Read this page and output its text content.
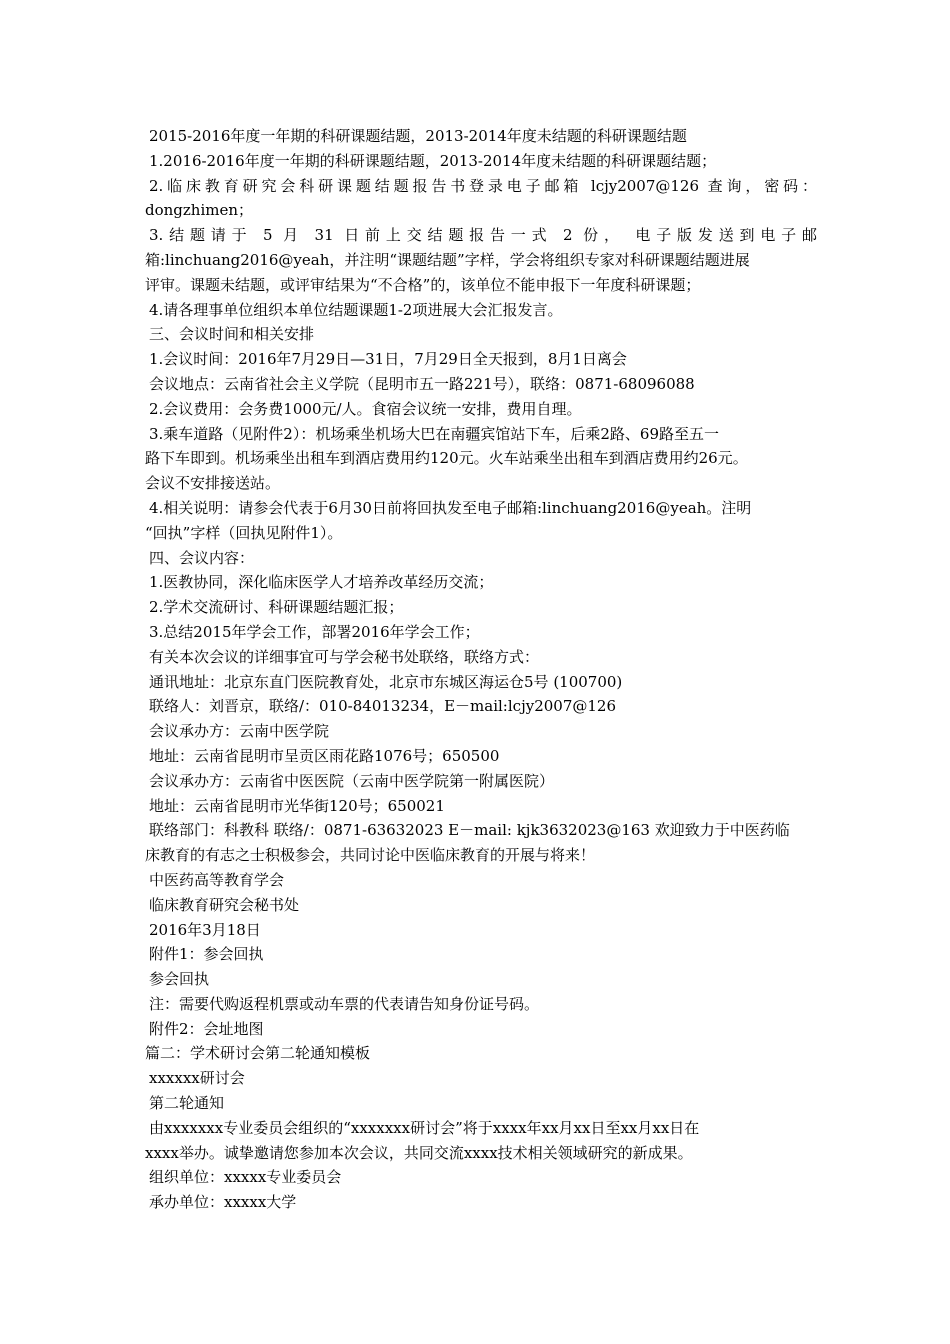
2015-2016年度一年期的科研课题结题，2013-2014年度未结题的科研课题结题
1.2016-2016年度一年期的科研课题结题，2013-2014年度未结题的科研课题结题；
2.临床教育研究会科研课题结题报告书登录电子邮箱 lcjy2007@126 查询，密码：
dongzhimen；
3.结题请于 5 月 31 日前上交结题报告一式 2 份， 电子版发送到电子邮
箱:linchuang2016@yeah，并注明“课题结题”字样，学会将组织专家对科研课题结题进展
评审。课题未结题，或评审结果为“不合格”的，该单位不能申报下一年度科研课题；
4.请各理事单位组织本单位结题课题1-2项进展大会汇报发言。
三、会议时间和相关安排
1.会议时间：2016年7月29日—31日，7月29日全天报到，8月1日离会
会议地点：云南省社会主义学院（昆明市五一路221号），联络：0871-68096088
2.会议费用：会务费1000元/人。食宿会议统一安排，费用自理。
3.乘车道路（见附件2）：机场乘坐机场大巴在南疆宾馆站下车，后乘2路、69路至五一
路下车即到。机场乘坐出租车到酒店费用约120元。火车站乘坐出租车到酒店费用约26元。
会议不安排接送站。
4.相关说明：请参会代表于6月30日前将回执发至电子邮箱:linchuang2016@yeah。注明
“回执”字样（回执见附件1）。
四、会议内容：
1.医教协同，深化临床医学人才培养改革经历交流；
2.学术交流研讨、科研课题结题汇报；
3.总结2015年学会工作，部署2016年学会工作；
有关本次会议的详细事宜可与学会秘书处联络，联络方式：
通讯地址：北京东直门医院教育处，北京市东城区海运仓5号 (100700)
联络人：刘晋京，联络/：010-84013234，E－mail:lcjy2007@126
会议承办方：云南中医学院
地址：云南省昆明市呈贡区雨花路1076号；650500
会议承办方：云南省中医医院（云南中医学院第一附属医院）
地址：云南省昆明市光华街120号；650021
联络部门：科教科 联络/：0871-63632023 E－mail: kjk3632023@163 欢迎致力于中医药临
床教育的有志之士积极参会，共同讨论中医临床教育的开展与将来！
中医药高等教育学会
临床教育研究会秘书处
2016年3月18日
附件1：参会回执
参会回执
注：需要代购返程机票或动车票的代表请告知身份证号码。
附件2：会址地图
篇二：学术研讨会第二轮通知模板
xxxxxx研讨会
第二轮通知
由xxxxxxx专业委员会组织的“xxxxxxx研讨会”将于xxxx年xx月xx日至xx月xx日在
xxxx举办。诚挚邀请您参加本次会议，共同交流xxxx技术相关领域研究的新成果。
组织单位：xxxxx专业委员会
承办单位：xxxxx大学
